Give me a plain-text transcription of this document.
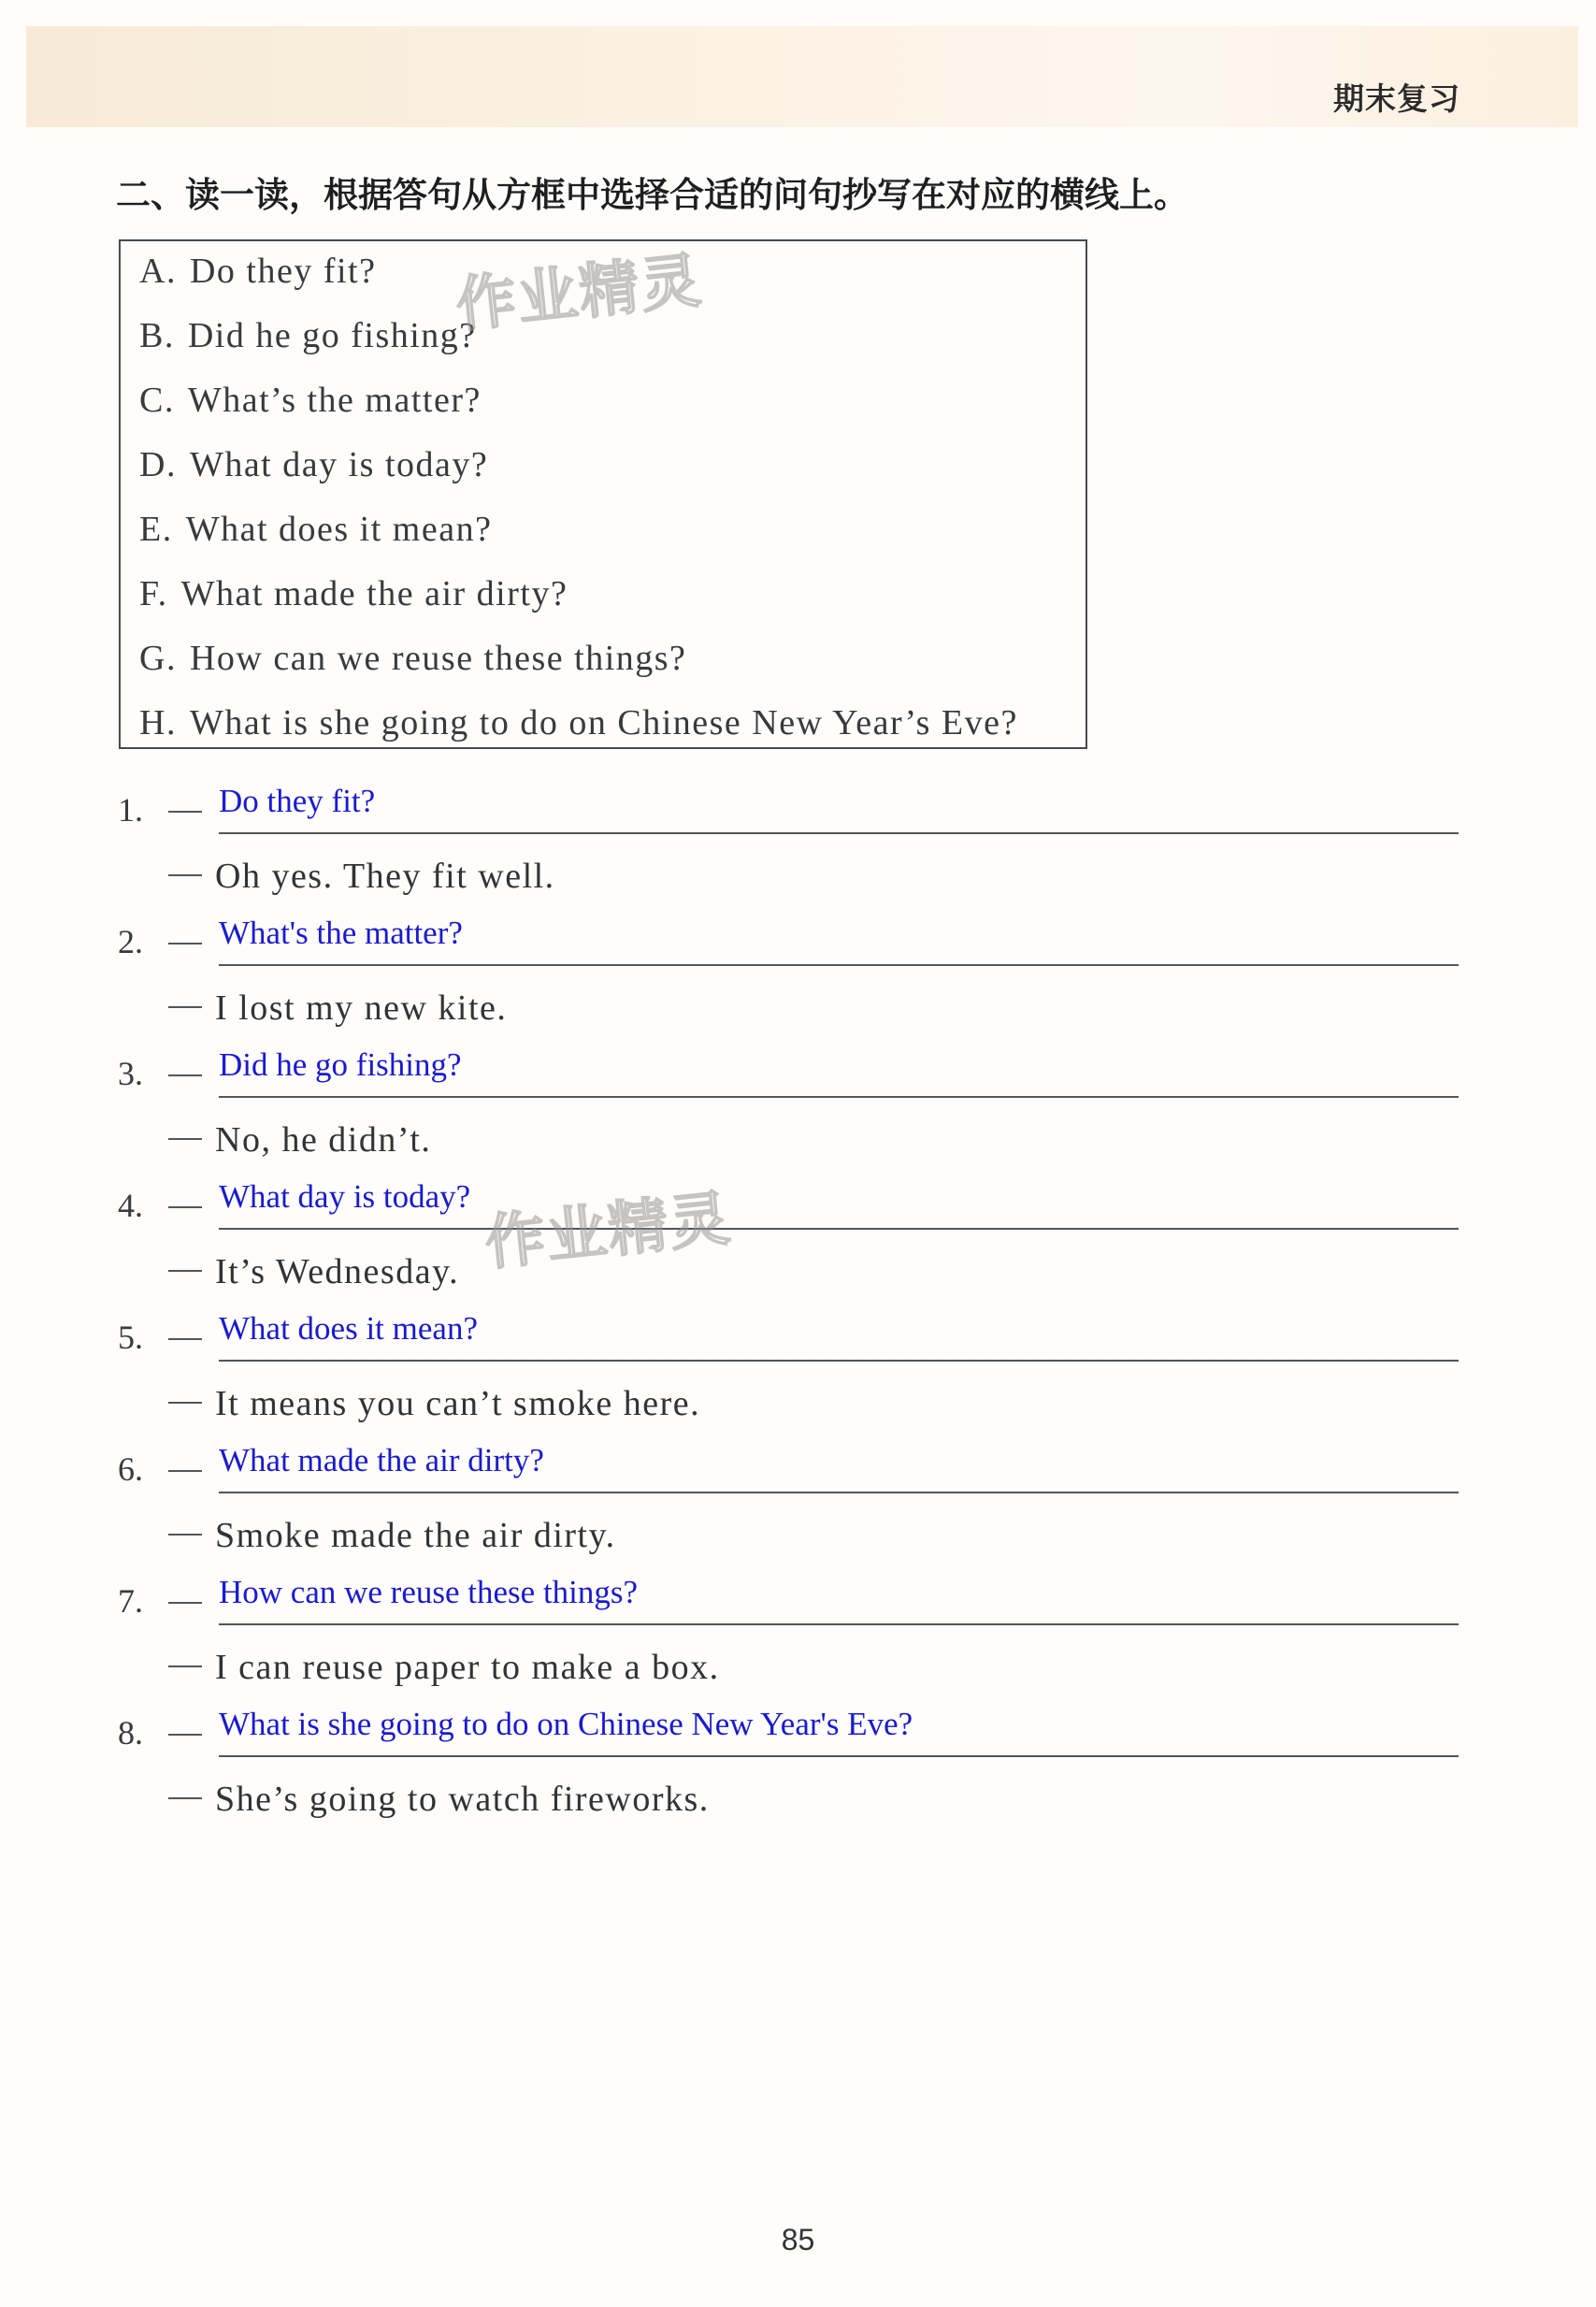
期末复习
二、读一读，根据答句从方框中选择合适的问句抄写在对应的横线上。
A. Do they fit?
B. Did he go fishing?
C. What’s the matter?
D. What day is today?
E. What does it mean?
F. What made the air dirty?
G. How can we reuse these things?
H. What is she going to do on Chinese New Year’s Eve?
作业精灵
1. Do they fit?
Oh yes. They fit well.
2. What's the matter?
I lost my new kite.
3. Did he go fishing?
No, he didn’t.
4. What day is today?
It’s Wednesday. 作业精灵
5. What does it mean?
It means you can’t smoke here.
6. What made the air dirty?
Smoke made the air dirty.
7. How can we reuse these things?
I can reuse paper to make a box.
8. What is she going to do on Chinese New Year's Eve?
She’s going to watch fireworks.
85
